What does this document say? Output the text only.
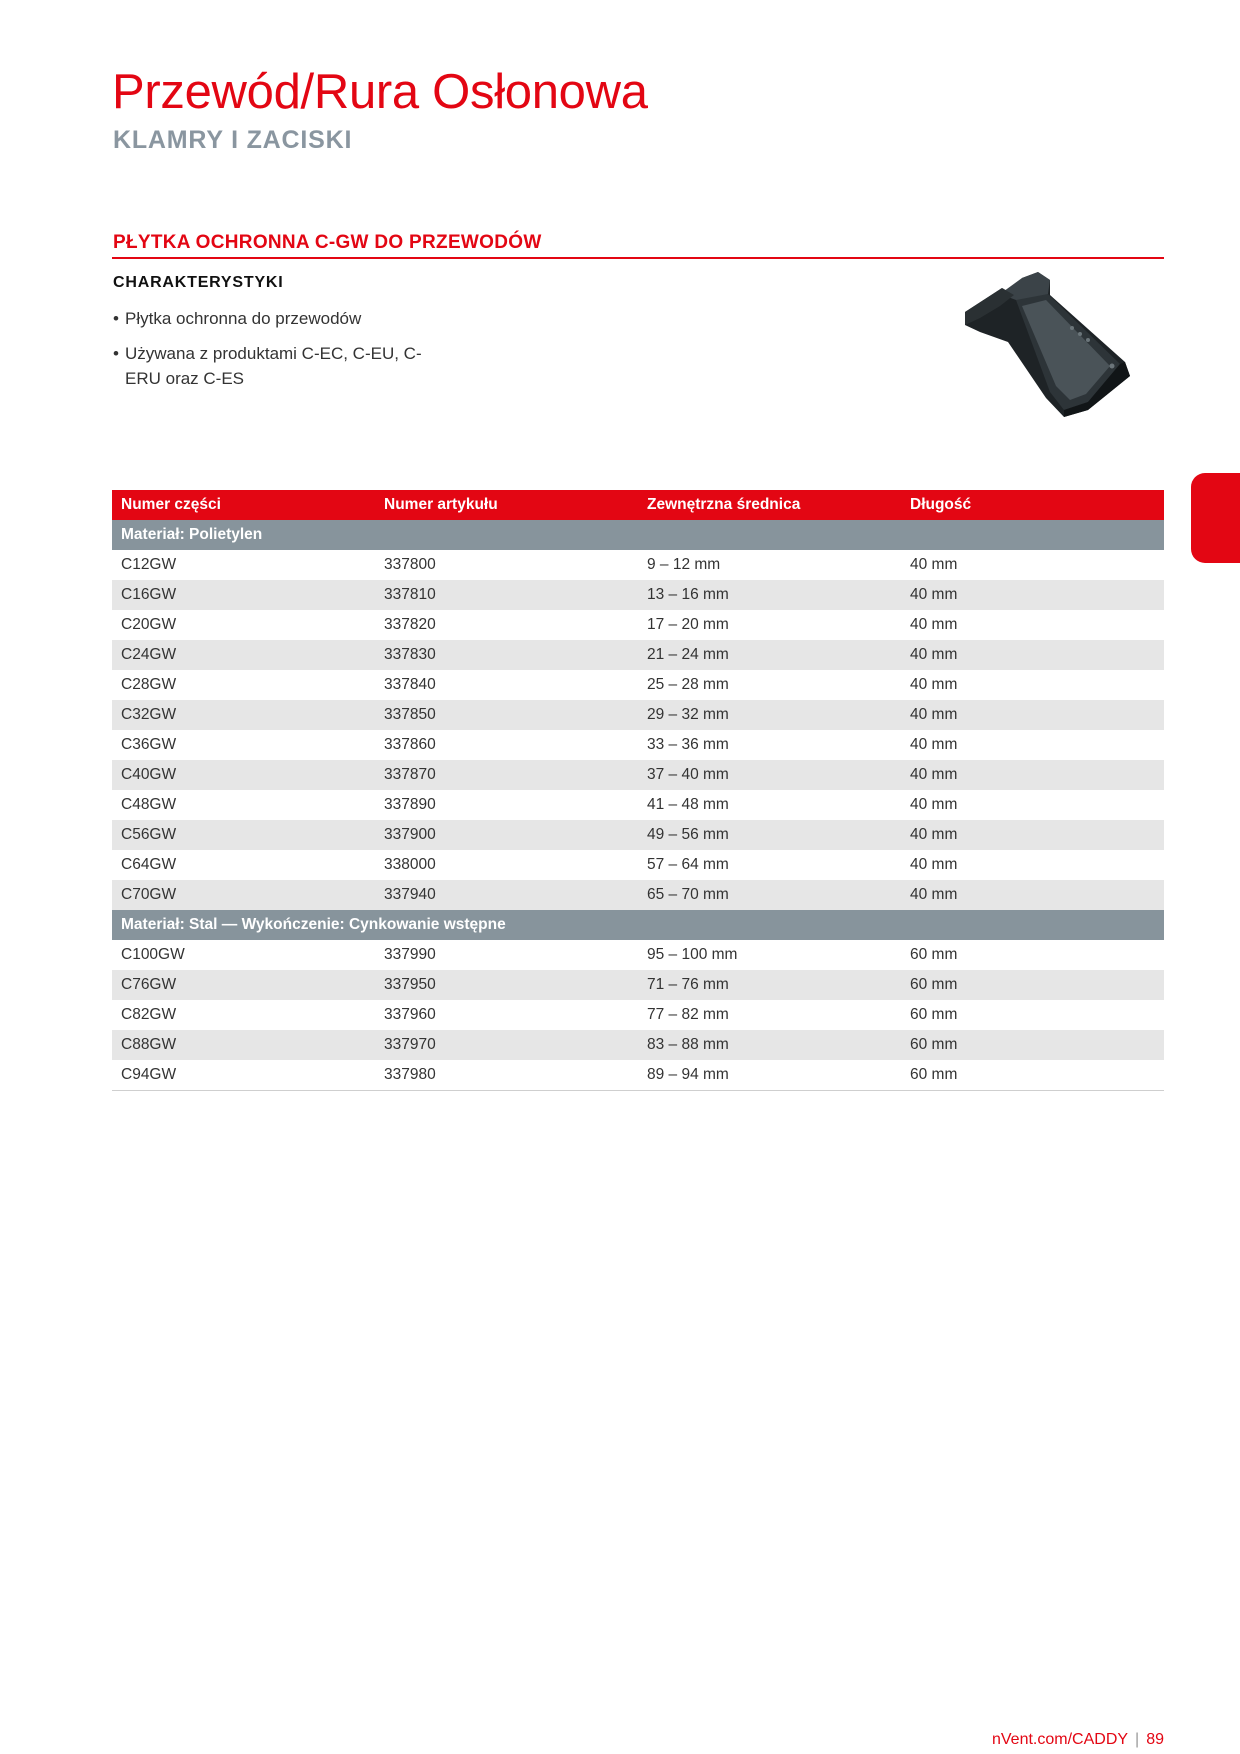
Przewód/Rura Osłonowa
KLAMRY I ZACISKI
PŁYTKA OCHRONNA C-GW DO PRZEWODÓW
CHARAKTERYSTYKI
• Płytka ochronna do przewodów
• Używana z produktami C-EC, C-EU, C-ERU oraz C-ES
Numer części	Numer artykułu	Zewnętrzna średnica	Długość
Materiał: Polietylen			
C12GW	337800	9 – 12 mm	40 mm
C16GW	337810	13 – 16 mm	40 mm
C20GW	337820	17 – 20 mm	40 mm
C24GW	337830	21 – 24 mm	40 mm
C28GW	337840	25 – 28 mm	40 mm
C32GW	337850	29 – 32 mm	40 mm
C36GW	337860	33 – 36 mm	40 mm
C40GW	337870	37 – 40 mm	40 mm
C48GW	337890	41 – 48 mm	40 mm
C56GW	337900	49 – 56 mm	40 mm
C64GW	338000	57 – 64 mm	40 mm
C70GW	337940	65 – 70 mm	40 mm
Materiał: Stal — Wykończenie: Cynkowanie wstępne			
C100GW	337990	95 – 100 mm	60 mm
C76GW	337950	71 – 76 mm	60 mm
C82GW	337960	77 – 82 mm	60 mm
C88GW	337970	83 – 88 mm	60 mm
C94GW	337980	89 – 94 mm	60 mm
nVent.com/CADDY | 89
